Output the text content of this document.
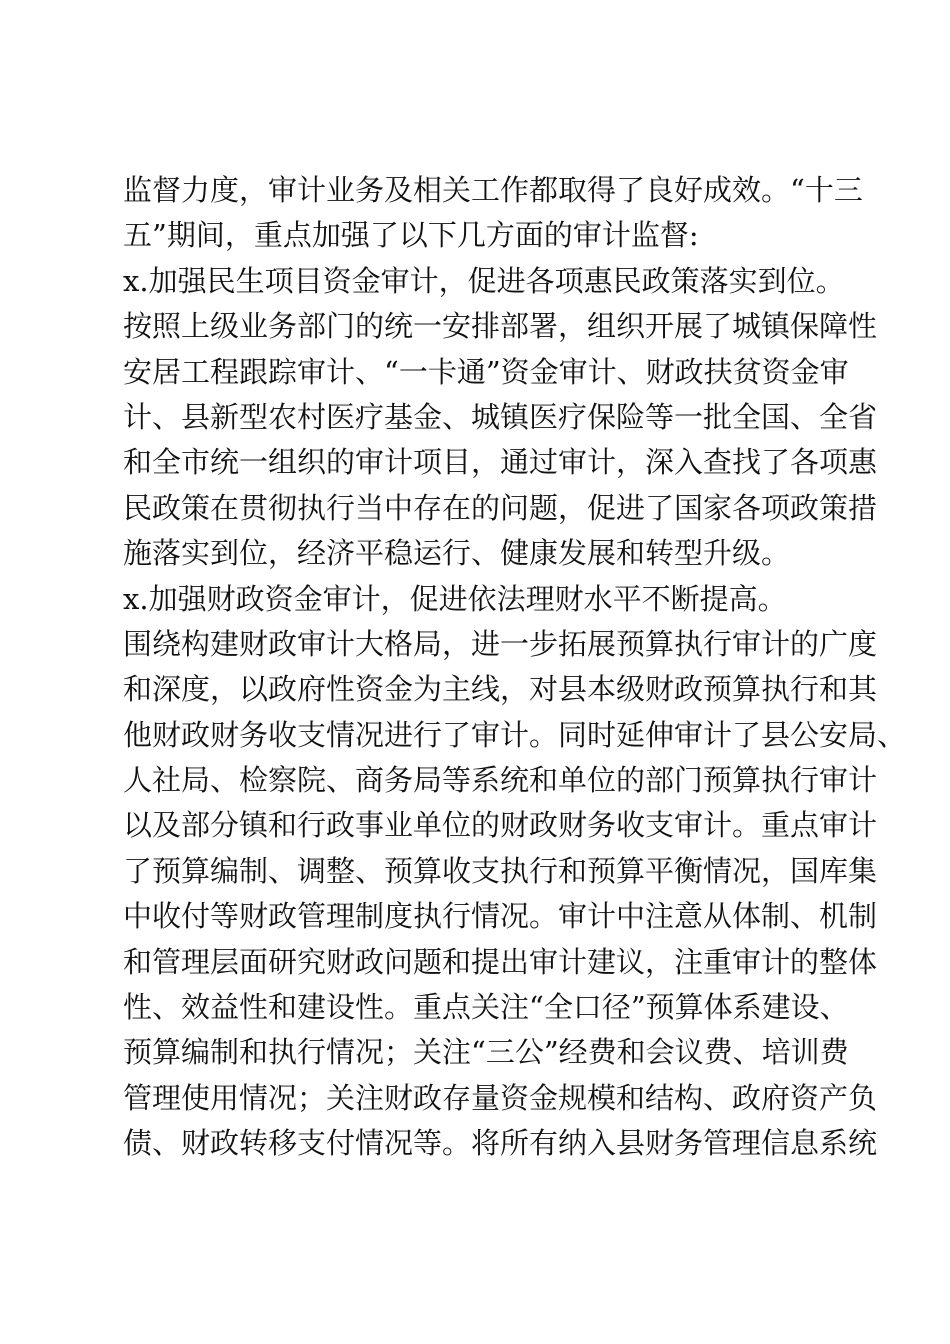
监督力度，审计业务及相关工作都取得了良好成效。“十三
五”期间，重点加强了以下几方面的审计监督:
x.加强民生项目资金审计，促进各项惠民政策落实到位。
按照上级业务部门的统一安排部署，组织开展了城镇保障性
安居工程跟踪审计、“一卡通”资金审计、财政扶贫资金审
计、县新型农村医疗基金、城镇医疗保险等一批全国、全省
和全市统一组织的审计项目，通过审计，深入查找了各项惠
民政策在贯彻执行当中存在的问题，促进了国家各项政策措
施落实到位，经济平稳运行、健康发展和转型升级。
x.加强财政资金审计，促进依法理财水平不断提高。
围绕构建财政审计大格局，进一步拓展预算执行审计的广度
和深度，以政府性资金为主线，对县本级财政预算执行和其
他财政财务收支情况进行了审计。同时延伸审计了县公安局、
人社局、检察院、商务局等系统和单位的部门预算执行审计
以及部分镇和行政事业单位的财政财务收支审计。重点审计
了预算编制、调整、预算收支执行和预算平衡情况，国库集
中收付等财政管理制度执行情况。审计中注意从体制、机制
和管理层面研究财政问题和提出审计建议，注重审计的整体
性、效益性和建设性。重点关注“全口径”预算体系建设、
预算编制和执行情况；关注“三公”经费和会议费、培训费
管理使用情况；关注财政存量资金规模和结构、政府资产负
债、财政转移支付情况等。将所有纳入县财务管理信息系统
